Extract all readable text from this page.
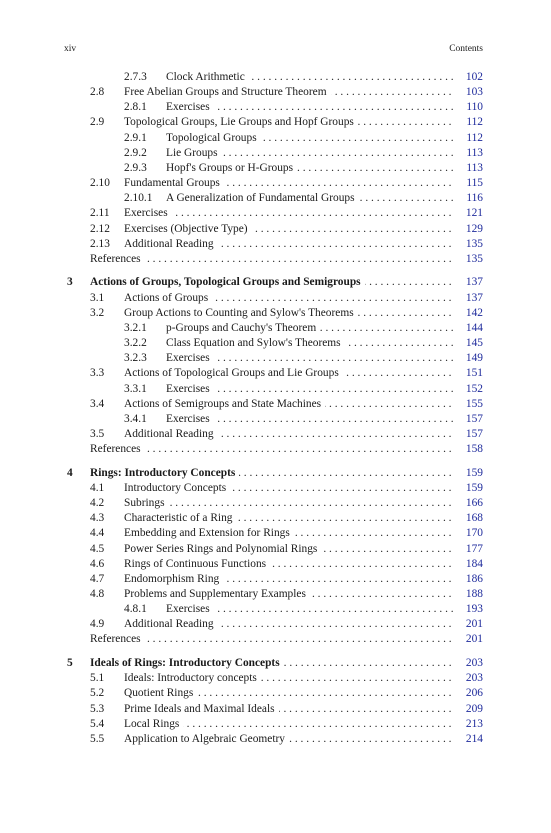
xiv	Contents
2.7.3 . . . Clock Arithmetic	102
2.8 . . . Free Abelian Groups and Structure Theorem	103
2.8.1 . . . Exercises	110
2.9 . . . Topological Groups, Lie Groups and Hopf Groups	112
2.9.1 . . . Topological Groups	112
2.9.2 . . . Lie Groups	113
2.9.3 . . . Hopf's Groups or H-Groups	113
2.10 . . . Fundamental Groups	115
2.10.1 . . . A Generalization of Fundamental Groups	116
2.11 . . . Exercises	121
2.12 . . . Exercises (Objective Type)	129
2.13 . . . Additional Reading	135
. . .
References	135
3 . . . Actions of Groups, Topological Groups and Semigroups	137
3.1 . . . Actions of Groups	137
3.2 . . . Group Actions to Counting and Sylow's Theorems	142
3.2.1 . . . p-Groups and Cauchy's Theorem	144
3.2.2 . . . Class Equation and Sylow's Theorems	145
3.2.3 . . . Exercises	149
3.3 . . . Actions of Topological Groups and Lie Groups	151
3.3.1 . . . Exercises	152
3.4 . . . Actions of Semigroups and State Machines	155
3.4.1 . . . Exercises	157
3.5 . . . Additional Reading	157
. . .
References	158
4 . . . Rings: Introductory Concepts	159
4.1 . . . Introductory Concepts	159
4.2 . . . Subrings	166
4.3 . . . Characteristic of a Ring	168
4.4 . . . Embedding and Extension for Rings	170
4.5 . . . Power Series Rings and Polynomial Rings	177
4.6 . . . Rings of Continuous Functions	184
4.7 . . . Endomorphism Ring	186
4.8 . . . Problems and Supplementary Examples	188
4.8.1 . . . Exercises	193
4.9 . . . Additional Reading	201
. . .
References	201
5 . . . Ideals of Rings: Introductory Concepts	203
5.1 . . . Ideals: Introductory concepts	203
5.2 . . . Quotient Rings	206
5.3 . . . Prime Ideals and Maximal Ideals	209
5.4 . . . Local Rings	213
5.5 . . . Application to Algebraic Geometry	214
